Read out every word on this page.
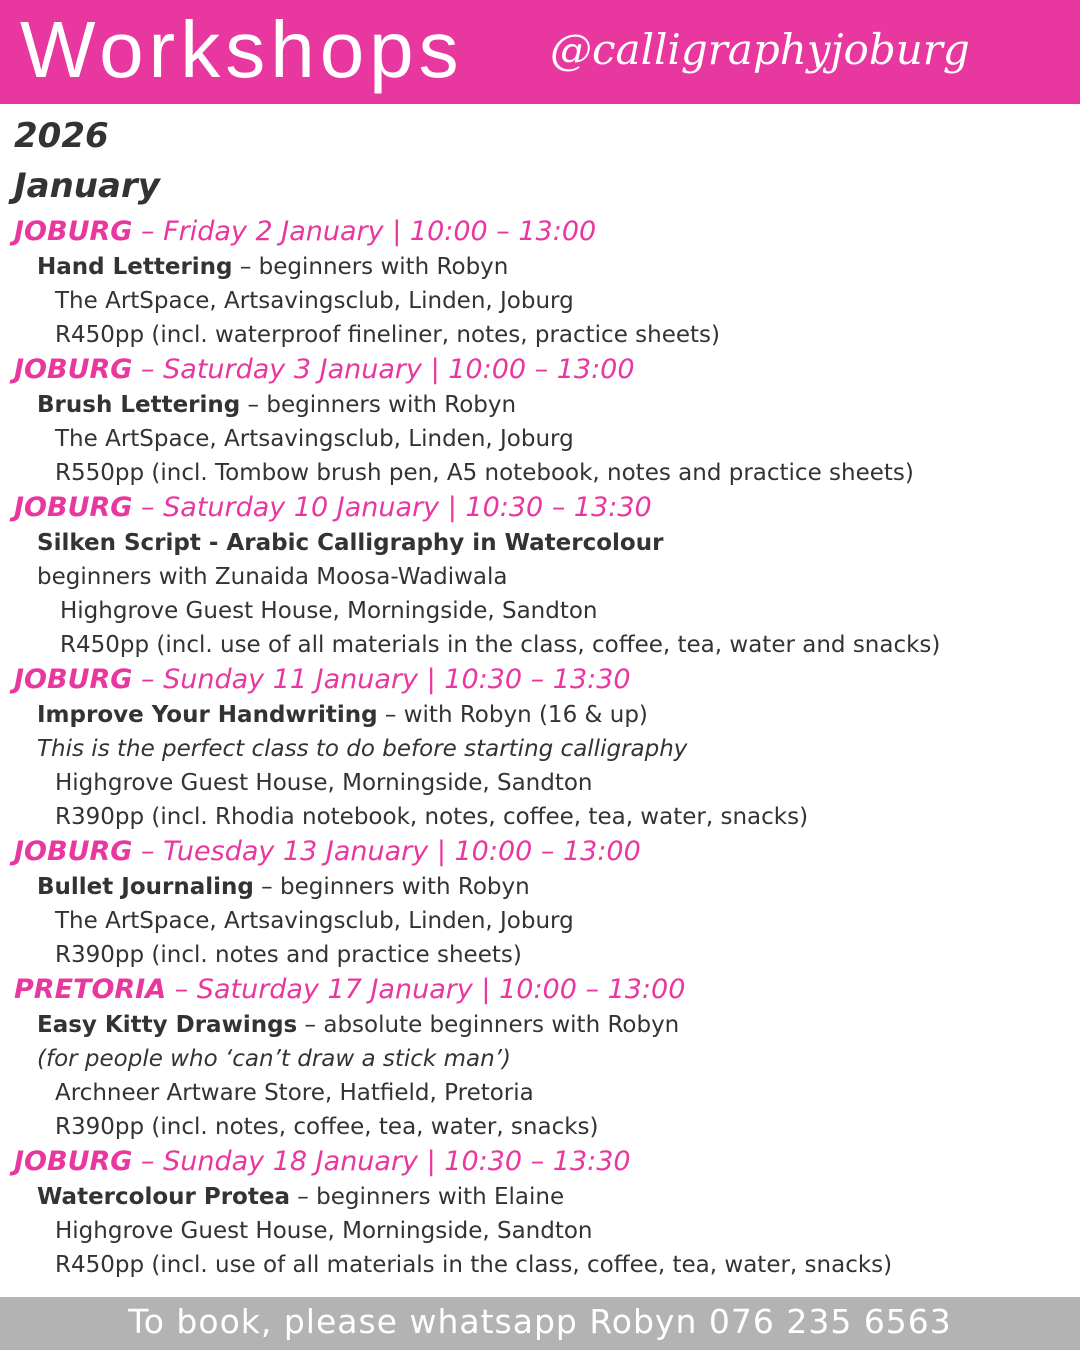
Workshops @calligraphyjoburg
2026
January
JOBURG – Friday 2 January | 10:00 – 13:00
Hand Lettering – beginners with Robyn
The ArtSpace, Artsavingsclub, Linden, Joburg
R450pp (incl. waterproof fineliner, notes, practice sheets)
JOBURG – Saturday 3 January | 10:00 – 13:00
Brush Lettering – beginners with Robyn
The ArtSpace, Artsavingsclub, Linden, Joburg
R550pp (incl. Tombow brush pen, A5 notebook, notes and practice sheets)
JOBURG – Saturday 10 January | 10:30 – 13:30
Silken Script - Arabic Calligraphy in Watercolour
beginners with Zunaida Moosa-Wadiwala
Highgrove Guest House, Morningside, Sandton
R450pp (incl. use of all materials in the class, coffee, tea, water and snacks)
JOBURG – Sunday 11 January | 10:30 – 13:30
Improve Your Handwriting – with Robyn (16 & up)
This is the perfect class to do before starting calligraphy
Highgrove Guest House, Morningside, Sandton
R390pp (incl. Rhodia notebook, notes, coffee, tea, water, snacks)
JOBURG – Tuesday 13 January | 10:00 – 13:00
Bullet Journaling – beginners with Robyn
The ArtSpace, Artsavingsclub, Linden, Joburg
R390pp (incl. notes and practice sheets)
PRETORIA – Saturday 17 January | 10:00 – 13:00
Easy Kitty Drawings – absolute beginners with Robyn
(for people who ‘can’t draw a stick man’)
Archneer Artware Store, Hatfield, Pretoria
R390pp (incl. notes, coffee, tea, water, snacks)
JOBURG – Sunday 18 January | 10:30 – 13:30
Watercolour Protea – beginners with Elaine
Highgrove Guest House, Morningside, Sandton
R450pp (incl. use of all materials in the class, coffee, tea, water, snacks)
To book, please whatsapp Robyn 076 235 6563
